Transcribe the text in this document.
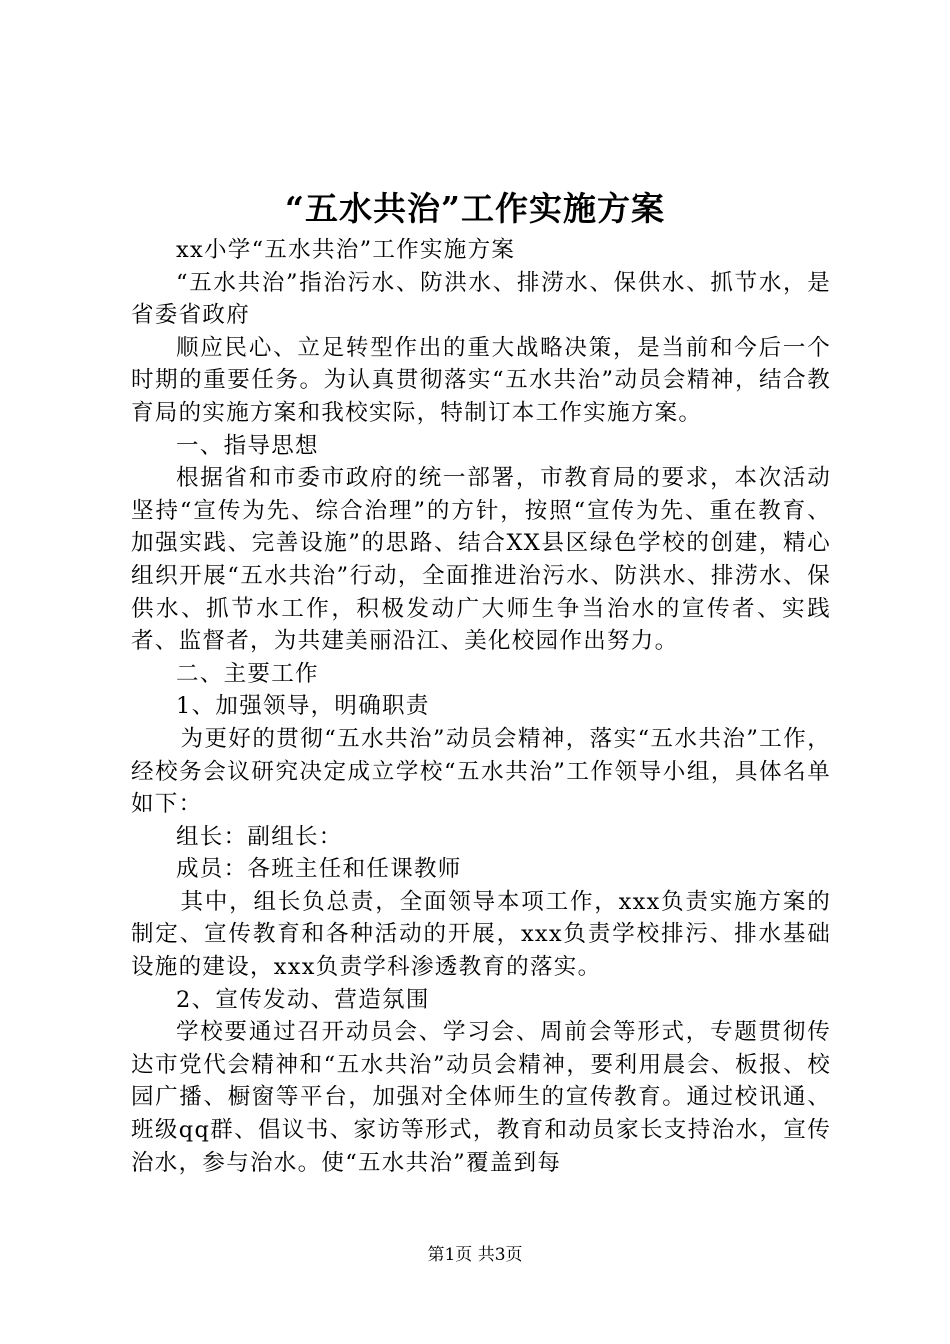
“五水共治”工作实施方案

xx小学“五水共治”工作实施方案

“五水共治”指治污水、防洪水、排涝水、保供水、抓节水，是省委省政府

顺应民心、立足转型作出的重大战略决策，是当前和今后一个时期的重要任务。为认真贯彻落实“五水共治”动员会精神，结合教育局的实施方案和我校实际，特制订本工作实施方案。

一、指导思想

根据省和市委市政府的统一部署，市教育局的要求，本次活动坚持“宣传为先、综合治理”的方针，按照“宣传为先、重在教育、加强实践、完善设施”的思路、结合XX县区绿色学校的创建，精心组织开展“五水共治”行动，全面推进治污水、防洪水、排涝水、保供水、抓节水工作，积极发动广大师生争当治水的宣传者、实践者、监督者，为共建美丽沿江、美化校园作出努力。

二、主要工作

1、加强领导，明确职责

为更好的贯彻“五水共治”动员会精神，落实“五水共治”工作，经校务会议研究决定成立学校“五水共治”工作领导小组，具体名单如下：

组长：副组长：

成员：各班主任和任课教师

其中，组长负总责，全面领导本项工作，xxx负责实施方案的制定、宣传教育和各种活动的开展，xxx负责学校排污、排水基础设施的建设，xxx负责学科渗透教育的落实。

2、宣传发动、营造氛围

学校要通过召开动员会、学习会、周前会等形式，专题贯彻传达市党代会精神和“五水共治”动员会精神，要利用晨会、板报、校园广播、橱窗等平台，加强对全体师生的宣传教育。通过校讯通、班级qq群、倡议书、家访等形式，教育和动员家长支持治水，宣传治水，参与治水。使“五水共治”覆盖到每

第1页 共3页
